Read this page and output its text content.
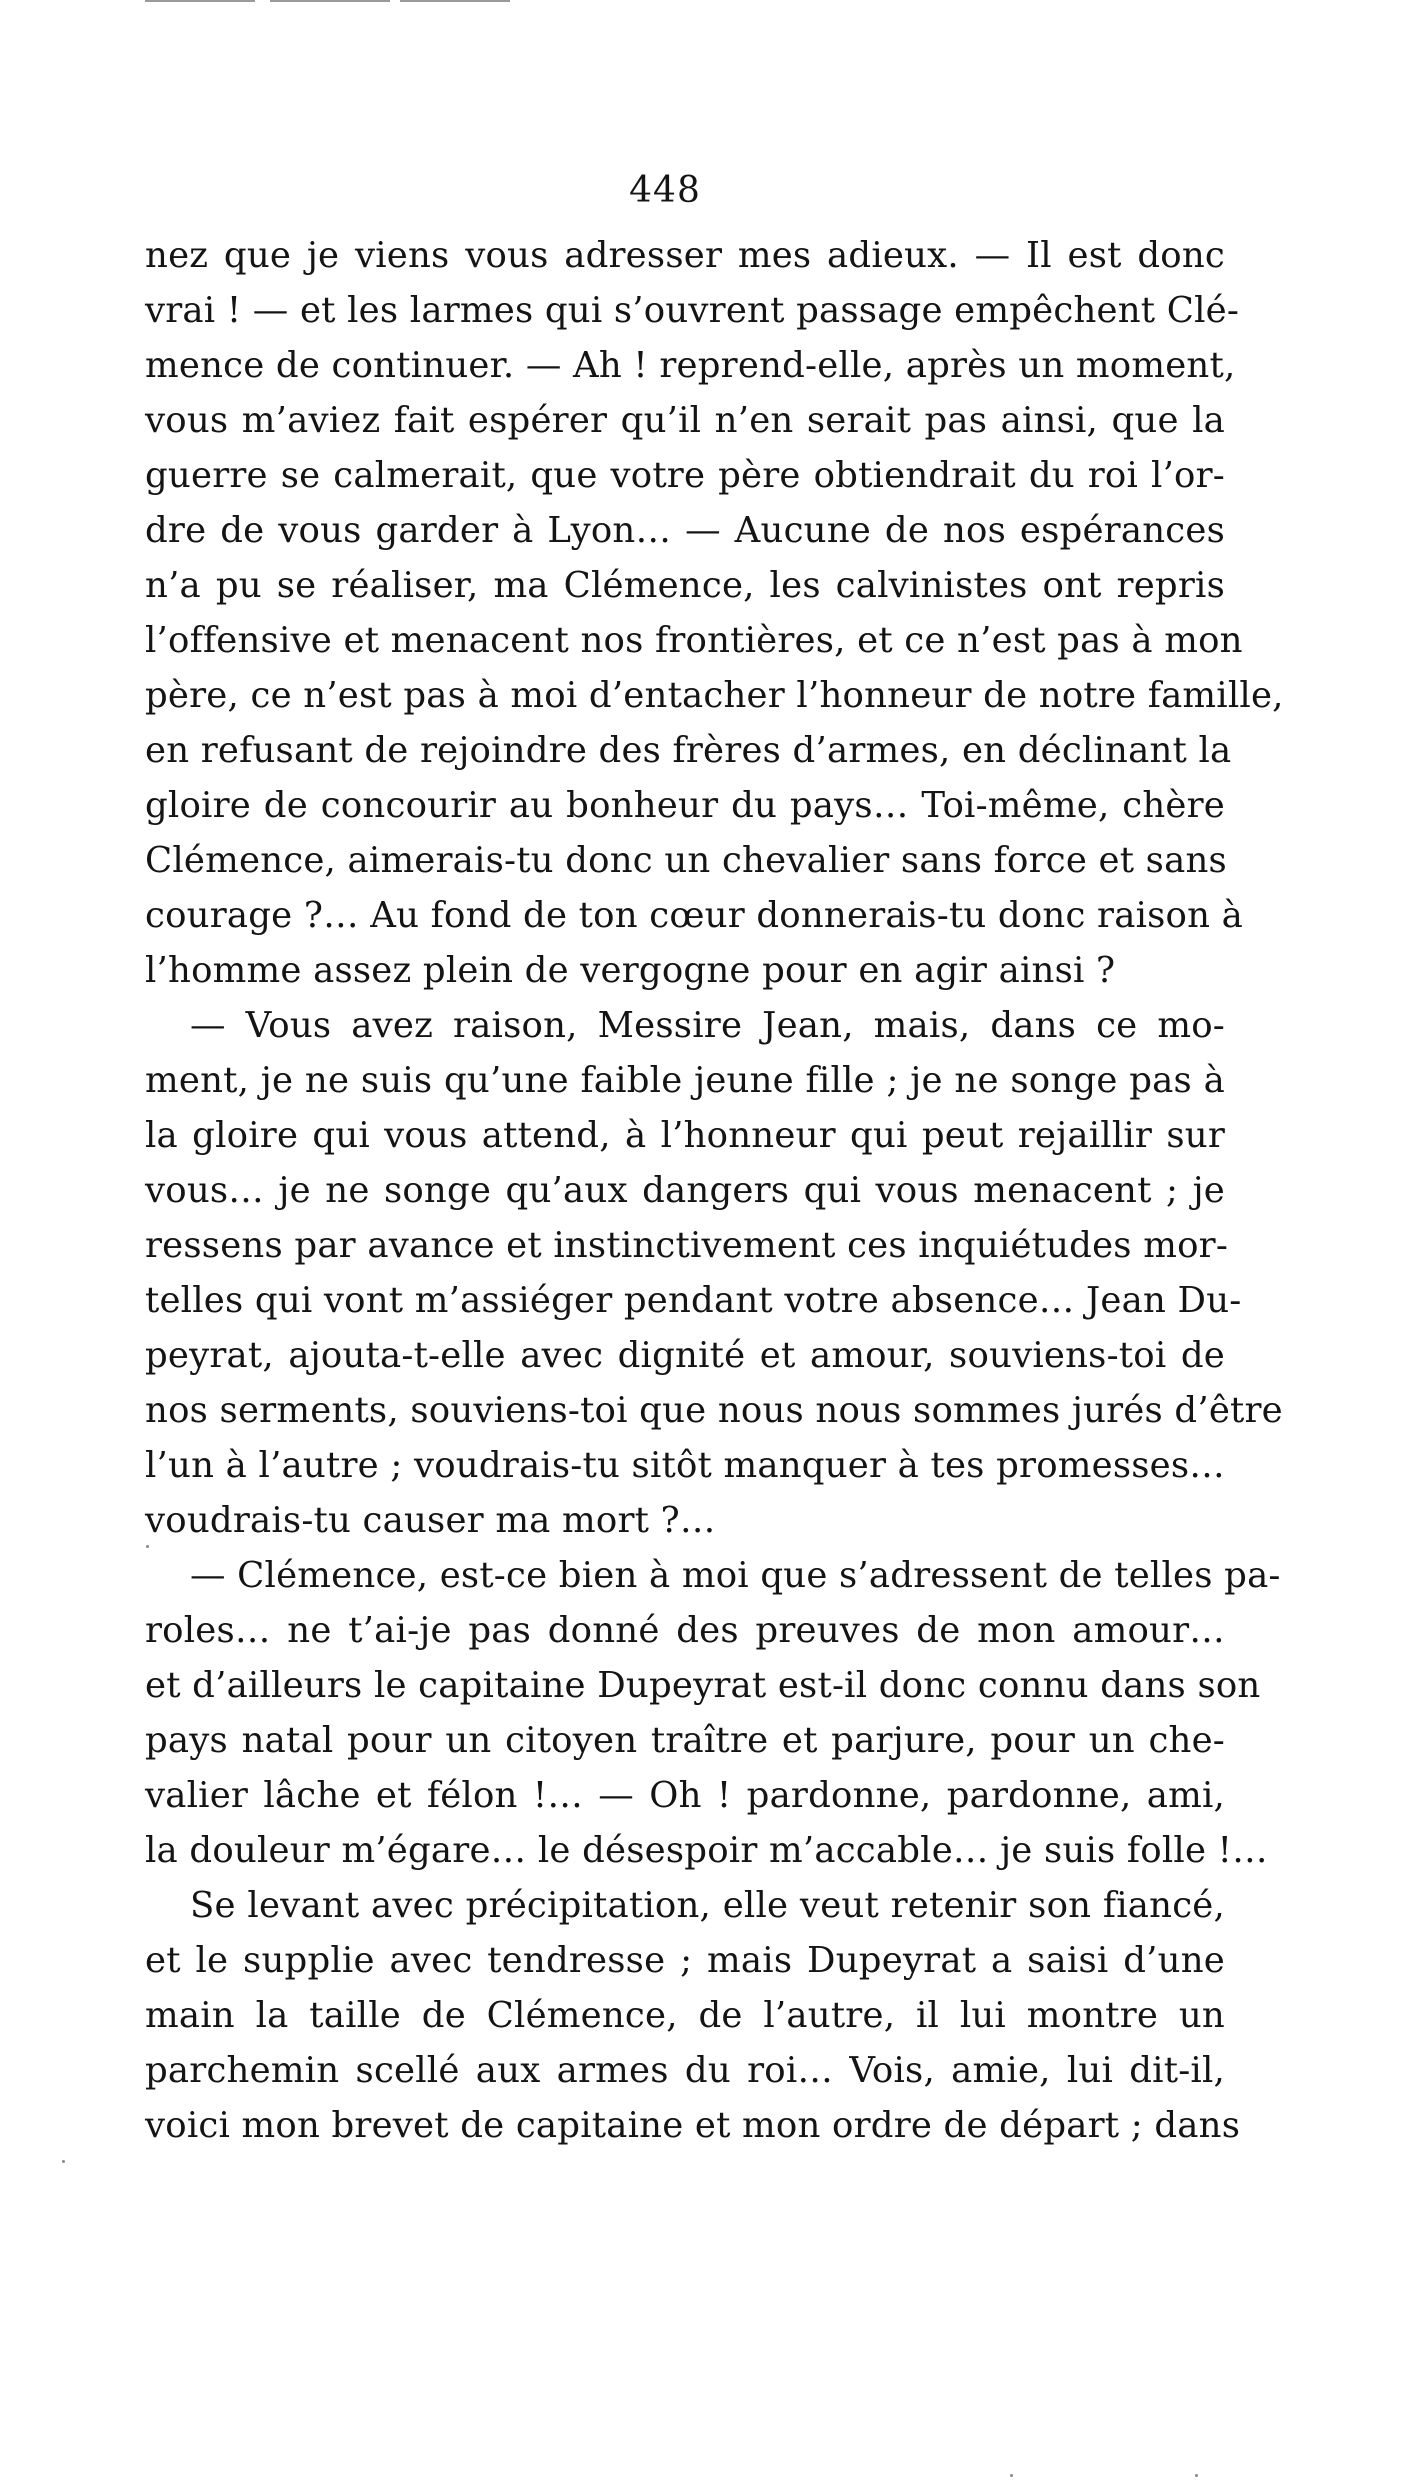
448
nez que je viens vous adresser mes adieux. — Il est donc
vrai ! — et les larmes qui s’ouvrent passage empêchent Clé-
mence de continuer. — Ah ! reprend-elle, après un moment,
vous m’aviez fait espérer qu’il n’en serait pas ainsi, que la
guerre se calmerait, que votre père obtiendrait du roi l’or-
dre de vous garder à Lyon… — Aucune de nos espérances
n’a pu se réaliser, ma Clémence, les calvinistes ont repris
l’offensive et menacent nos frontières, et ce n’est pas à mon
père, ce n’est pas à moi d’entacher l’honneur de notre famille,
en refusant de rejoindre des frères d’armes, en déclinant la
gloire de concourir au bonheur du pays… Toi-même, chère
Clémence, aimerais-tu donc un chevalier sans force et sans
courage ?… Au fond de ton cœur donnerais-tu donc raison à
l’homme assez plein de vergogne pour en agir ainsi ?
— Vous avez raison, Messire Jean, mais, dans ce mo-
ment, je ne suis qu’une faible jeune fille ; je ne songe pas à
la gloire qui vous attend, à l’honneur qui peut rejaillir sur
vous… je ne songe qu’aux dangers qui vous menacent ; je
ressens par avance et instinctivement ces inquiétudes mor-
telles qui vont m’assiéger pendant votre absence… Jean Du-
peyrat, ajouta-t-elle avec dignité et amour, souviens-toi de
nos serments, souviens-toi que nous nous sommes jurés d’être
l’un à l’autre ; voudrais-tu sitôt manquer à tes promesses…
voudrais-tu causer ma mort ?…
— Clémence, est-ce bien à moi que s’adressent de telles pa-
roles… ne t’ai-je pas donné des preuves de mon amour…
et d’ailleurs le capitaine Dupeyrat est-il donc connu dans son
pays natal pour un citoyen traître et parjure, pour un che-
valier lâche et félon !… — Oh ! pardonne, pardonne, ami,
la douleur m’égare… le désespoir m’accable… je suis folle !…
Se levant avec précipitation, elle veut retenir son fiancé,
et le supplie avec tendresse ; mais Dupeyrat a saisi d’une
main la taille de Clémence, de l’autre, il lui montre un
parchemin scellé aux armes du roi… Vois, amie, lui dit-il,
voici mon brevet de capitaine et mon ordre de départ ; dans
